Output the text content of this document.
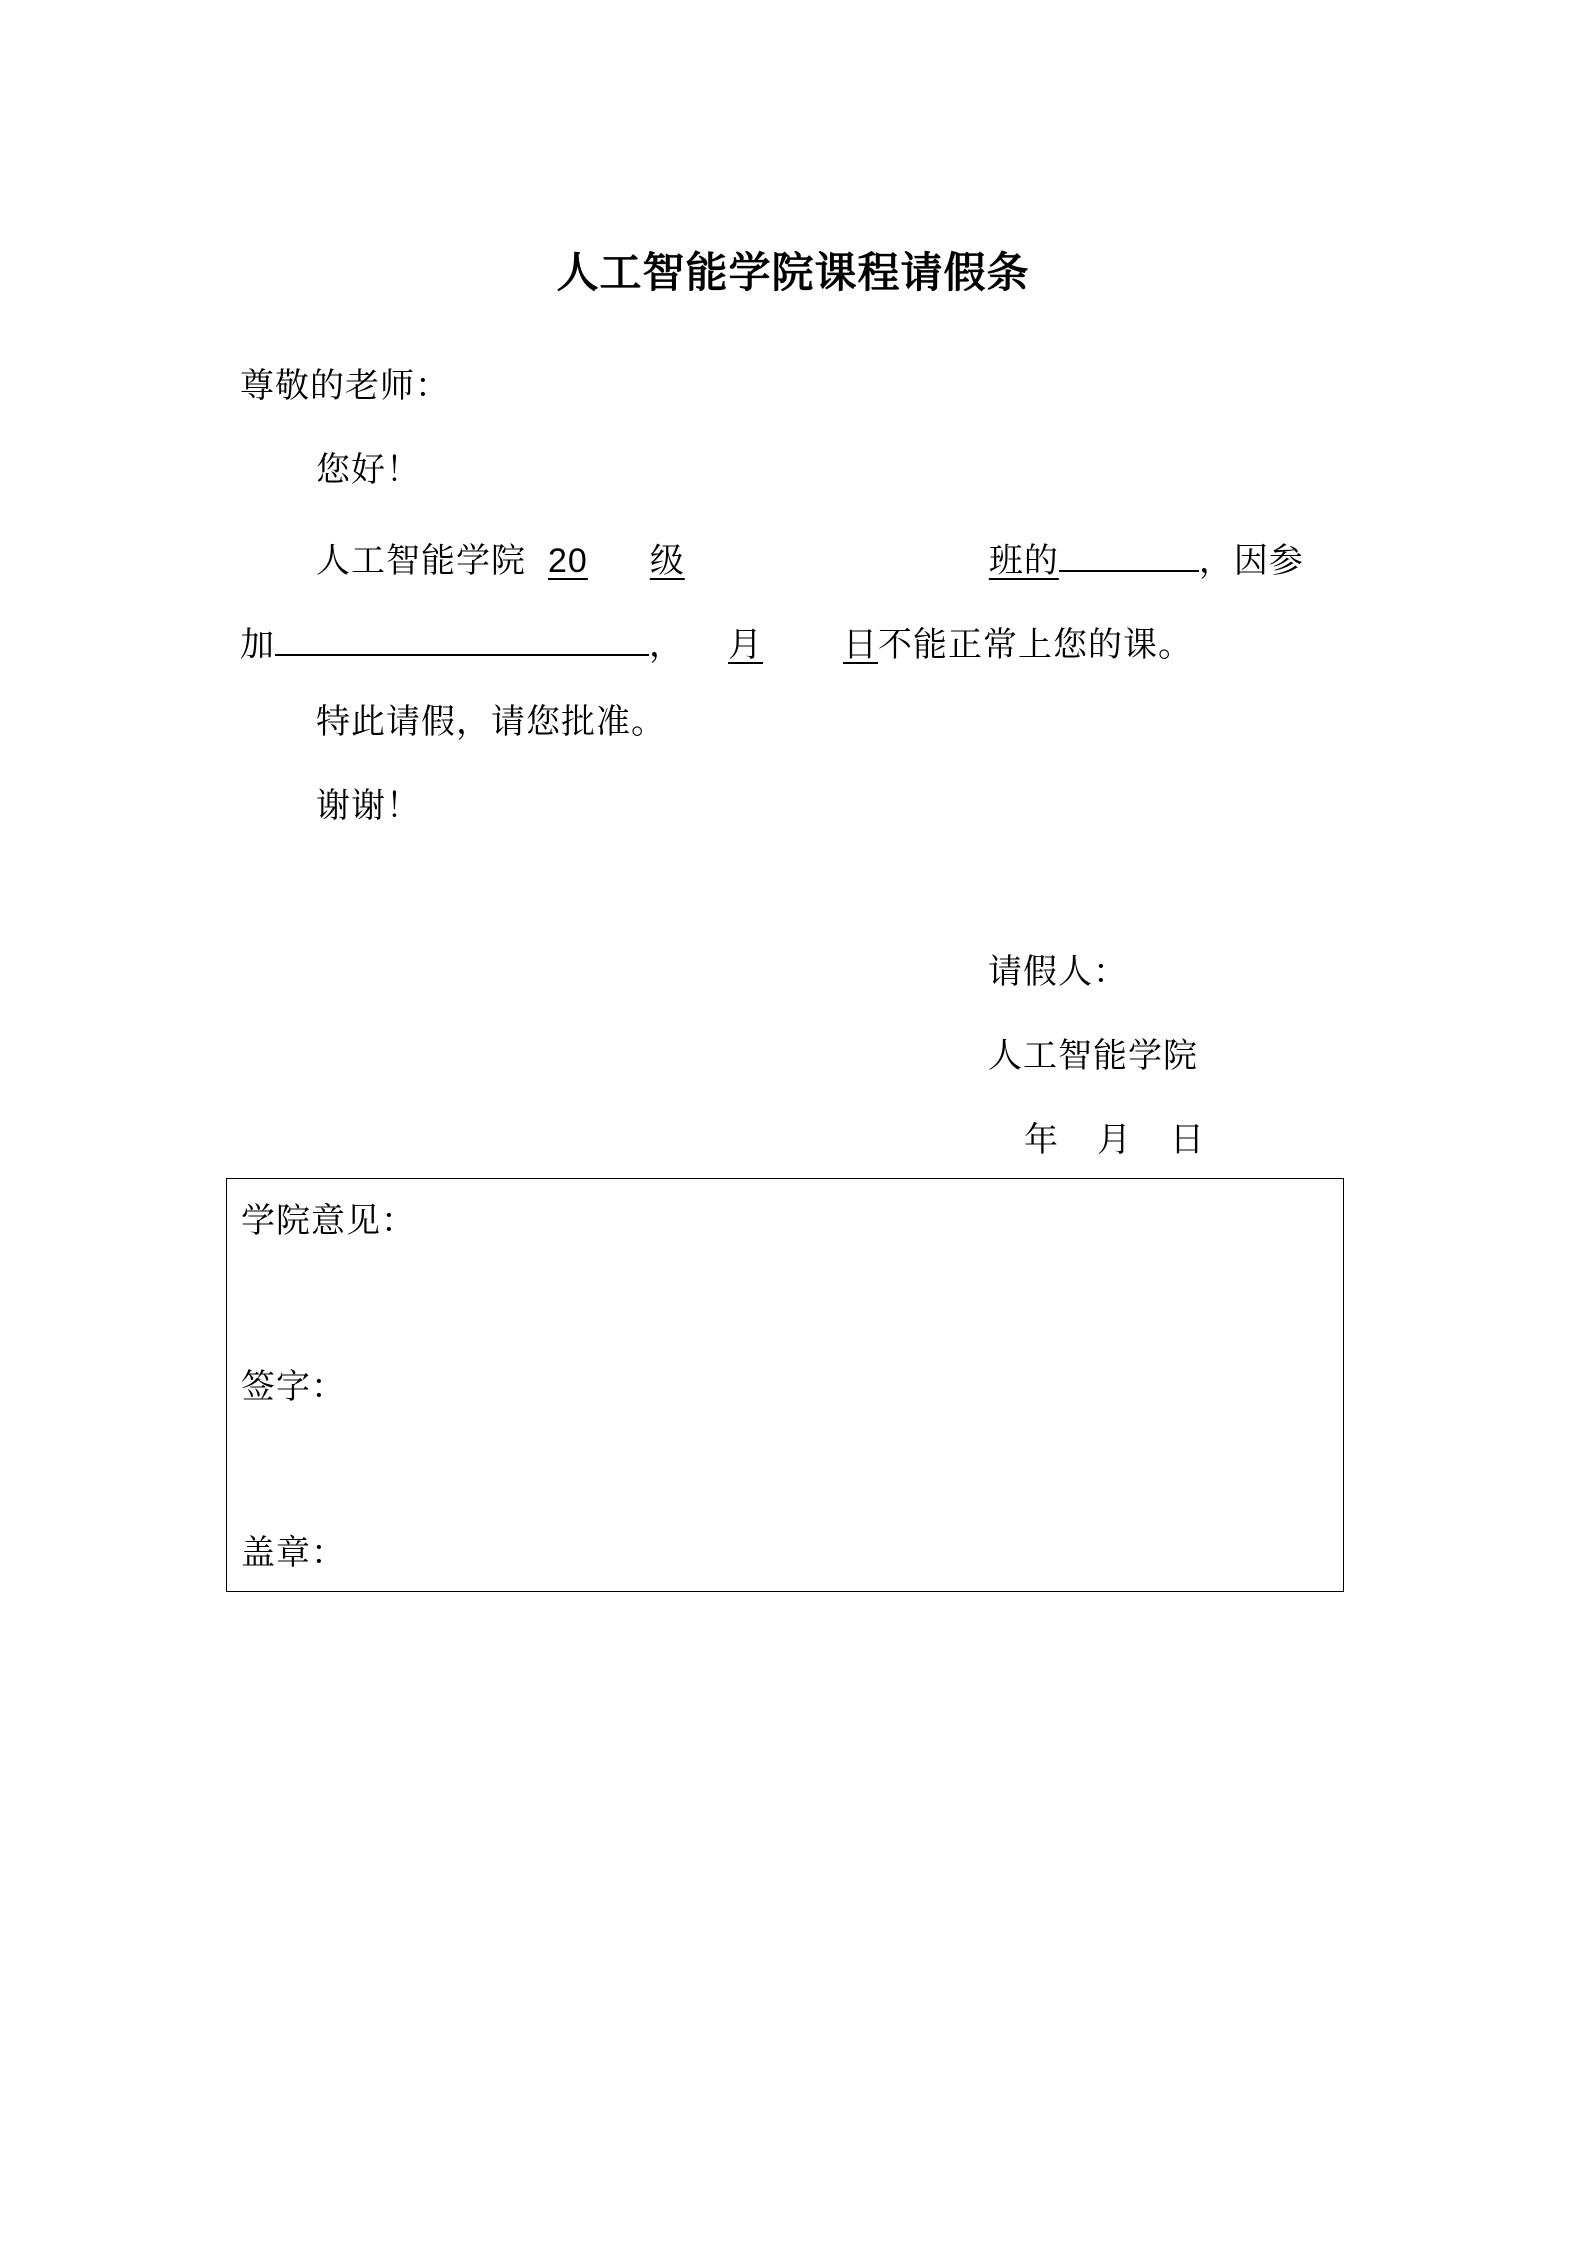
人工智能学院课程请假条
尊敬的老师：
您好！
人工智能学院 20 级	班的	，因参
加	， 月 日不能正常上您的课。
特此请假，请您批准。
谢谢！
请假人：
人工智能学院
年 月 日
学院意见：
签字：
盖章：
